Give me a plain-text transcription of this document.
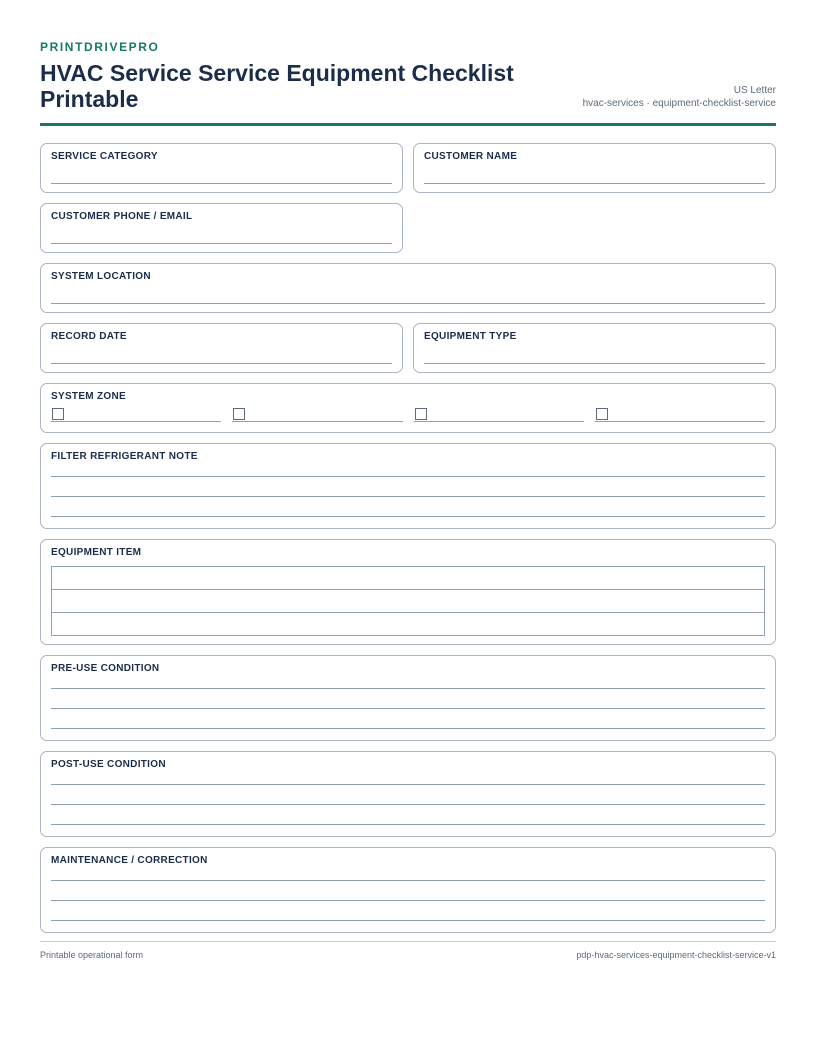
PRINTDRIVEPRO
HVAC Service Service Equipment Checklist Printable	US Letter
hvac-services · equipment-checklist-service
SERVICE CATEGORY	CUSTOMER NAME
CUSTOMER PHONE / EMAIL
SYSTEM LOCATION
RECORD DATE	EQUIPMENT TYPE
SYSTEM ZONE
FILTER REFRIGERANT NOTE
EQUIPMENT ITEM

PRE-USE CONDITION
POST-USE CONDITION
MAINTENANCE / CORRECTION
Printable operational form	pdp-hvac-services-equipment-checklist-service-v1
